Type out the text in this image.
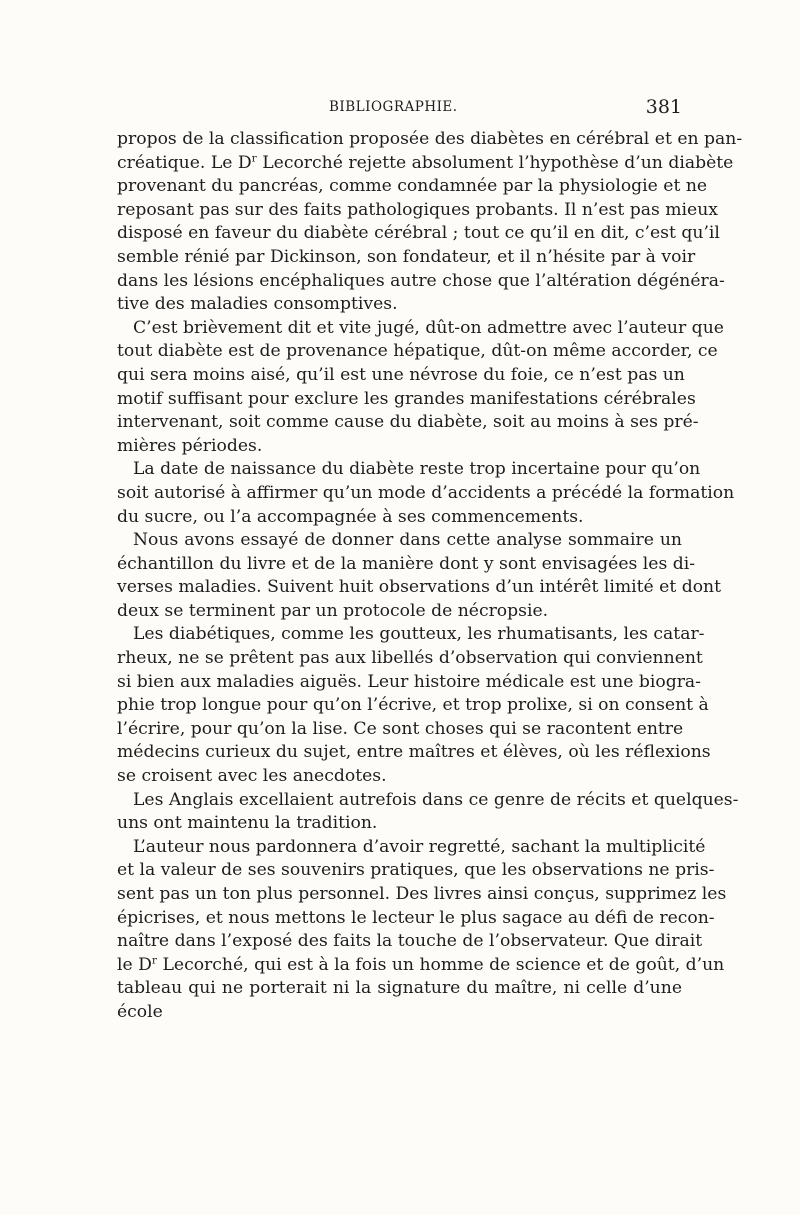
BIBLIOGRAPHIE.	381

propos de la classification proposée des diabètes en cérébral et en pan-
créatique. Le $D^r$ Lecorché rejette absolument l’hypothèse d’un diabète
provenant du pancréas, comme condamnée par la physiologie et ne
reposant pas sur des faits pathologiques probants. Il n’est pas mieux
disposé en faveur du diabète cérébral ; tout ce qu’il en dit, c’est qu’il
semble rénié par Dickinson, son fondateur, et il n’hésite par à voir
dans les lésions encéphaliques autre chose que l’altération dégénéra-
tive des maladies consomptives.

C’est brièvement dit et vite jugé, dût-on admettre avec l’auteur que
tout diabète est de provenance hépatique, dût-on même accorder, ce
qui sera moins aisé, qu’il est une névrose du foie, ce n’est pas un
motif suffisant pour exclure les grandes manifestations cérébrales
intervenant, soit comme cause du diabète, soit au moins à ses pré-
mières périodes.

La date de naissance du diabète reste trop incertaine pour qu’on
soit autorisé à affirmer qu’un mode d’accidents a précédé la formation
du sucre, ou l’a accompagnée à ses commencements.

Nous avons essayé de donner dans cette analyse sommaire un
échantillon du livre et de la manière dont y sont envisagées les di-
verses maladies. Suivent huit observations d’un intérêt limité et dont
deux se terminent par un protocole de nécropsie.

Les diabétiques, comme les goutteux, les rhumatisants, les catar-
rheux, ne se prêtent pas aux libellés d’observation qui conviennent
si bien aux maladies aiguës. Leur histoire médicale est une biogra-
phie trop longue pour qu’on l’écrive, et trop prolixe, si on consent à
l’écrire, pour qu’on la lise. Ce sont choses qui se racontent entre
médecins curieux du sujet, entre maîtres et élèves, où les réflexions
se croisent avec les anecdotes.

Les Anglais excellaient autrefois dans ce genre de récits et quelques-
uns ont maintenu la tradition.

L’auteur nous pardonnera d’avoir regretté, sachant la multiplicité
et la valeur de ses souvenirs pratiques, que les observations ne pris-
sent pas un ton plus personnel. Des livres ainsi conçus, supprimez les
épicrises, et nous mettons le lecteur le plus sagace au défi de recon-
naître dans l’exposé des faits la touche de l’observateur. Que dirait
le $D^r$ Lecorché, qui est à la fois un homme de science et de goût, d’un
tableau qui ne porterait ni la signature du maître, ni celle d’une
école
